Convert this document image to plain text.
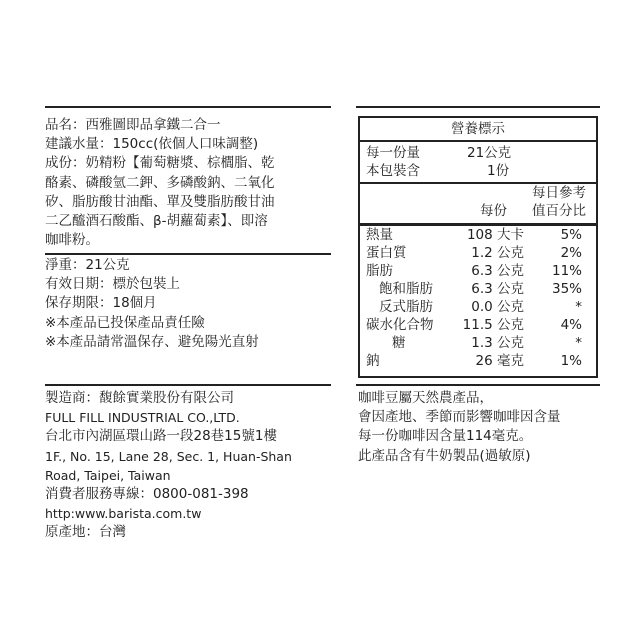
品名：西雅圖即品拿鐵二合一
建議水量：150cc(依個人口味調整)
成份：奶精粉【葡萄糖漿、棕櫚脂、乾
酪素、磷酸氫二鉀、多磷酸鈉、二氧化
矽、脂肪酸甘油酯、單及雙脂肪酸甘油
二乙醯酒石酸酯、β-胡蘿蔔素】、即溶
咖啡粉。
淨重：21公克
有效日期：標於包裝上
保存期限：18個月
※本產品已投保產品責任險
※本產品請常溫保存、避免陽光直射
營養標示
每一份量	21公克
本包裝含	1份
每日參考
每份 值百分比
熱量	108 大卡	5%
蛋白質	1.2 公克	2%
脂肪	6.3 公克	11%
飽和脂肪	6.3 公克	35%
反式脂肪	0.0 公克	*
碳水化合物	11.5 公克	4%
糖	1.3 公克	*
鈉	26 毫克	1%
製造商：馥餘實業股份有限公司
FULL FILL INDUSTRIAL CO.,LTD.
台北市內湖區環山路一段28巷15號1樓
1F., No. 15, Lane 28, Sec. 1, Huan-Shan
Road, Taipei, Taiwan
消費者服務專線：0800-081-398
http:www.barista.com.tw
原產地：台灣
咖啡豆屬天然農產品，
會因產地、季節而影響咖啡因含量
每一份咖啡因含量114毫克。
此產品含有牛奶製品(過敏原)
